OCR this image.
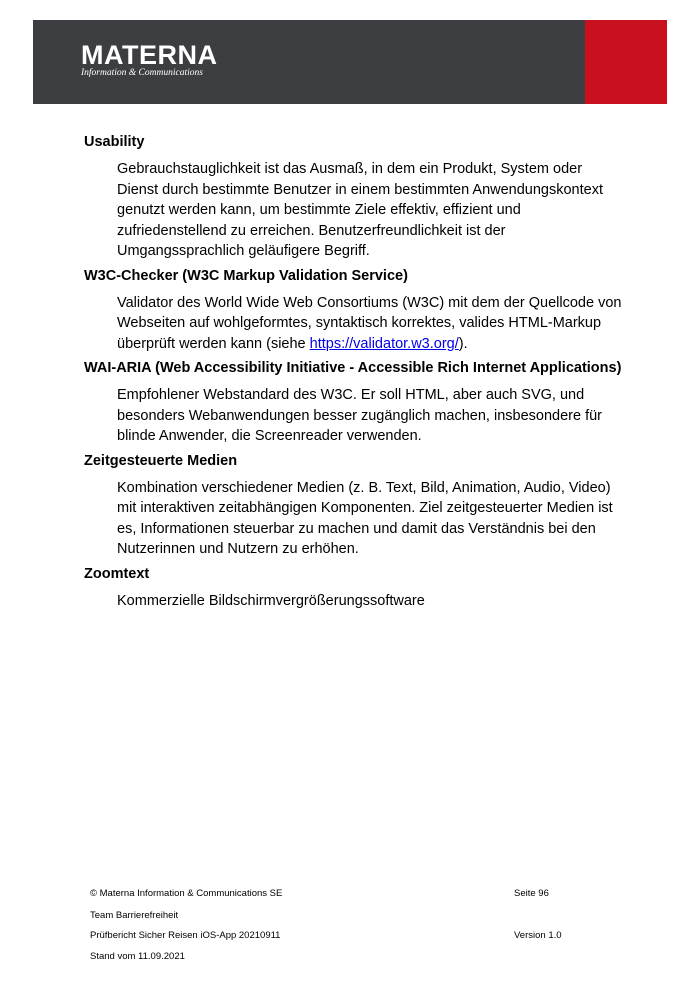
MATERNA
Information & Communications
Usability
Gebrauchstauglichkeit ist das Ausmaß, in dem ein Produkt, System oder Dienst durch bestimmte Benutzer in einem bestimmten Anwendungskontext genutzt werden kann, um bestimmte Ziele effektiv, effizient und zufriedenstellend zu erreichen. Benutzerfreundlichkeit ist der Umgangssprachlich geläufigere Begriff.
W3C-Checker (W3C Markup Validation Service)
Validator des World Wide Web Consortiums (W3C) mit dem der Quellcode von Webseiten auf wohlgeformtes, syntaktisch korrektes, valides HTML-Markup überprüft werden kann (siehe https://validator.w3.org/).
WAI-ARIA (Web Accessibility Initiative - Accessible Rich Internet Applications)
Empfohlener Webstandard des W3C. Er soll HTML, aber auch SVG, und besonders Webanwendungen besser zugänglich machen, insbesondere für blinde Anwender, die Screenreader verwenden.
Zeitgesteuerte Medien
Kombination verschiedener Medien (z. B. Text, Bild, Animation, Audio, Video) mit interaktiven zeitabhängigen Komponenten. Ziel zeitgesteuerter Medien ist es, Informationen steuerbar zu machen und damit das Verständnis bei den Nutzerinnen und Nutzern zu erhöhen.
Zoomtext
Kommerzielle Bildschirmvergrößerungssoftware
© Materna Information & Communications SE	Seite 96
Team Barrierefreiheit
Prüfbericht Sicher Reisen iOS-App 20210911	Version 1.0
Stand vom 11.09.2021
